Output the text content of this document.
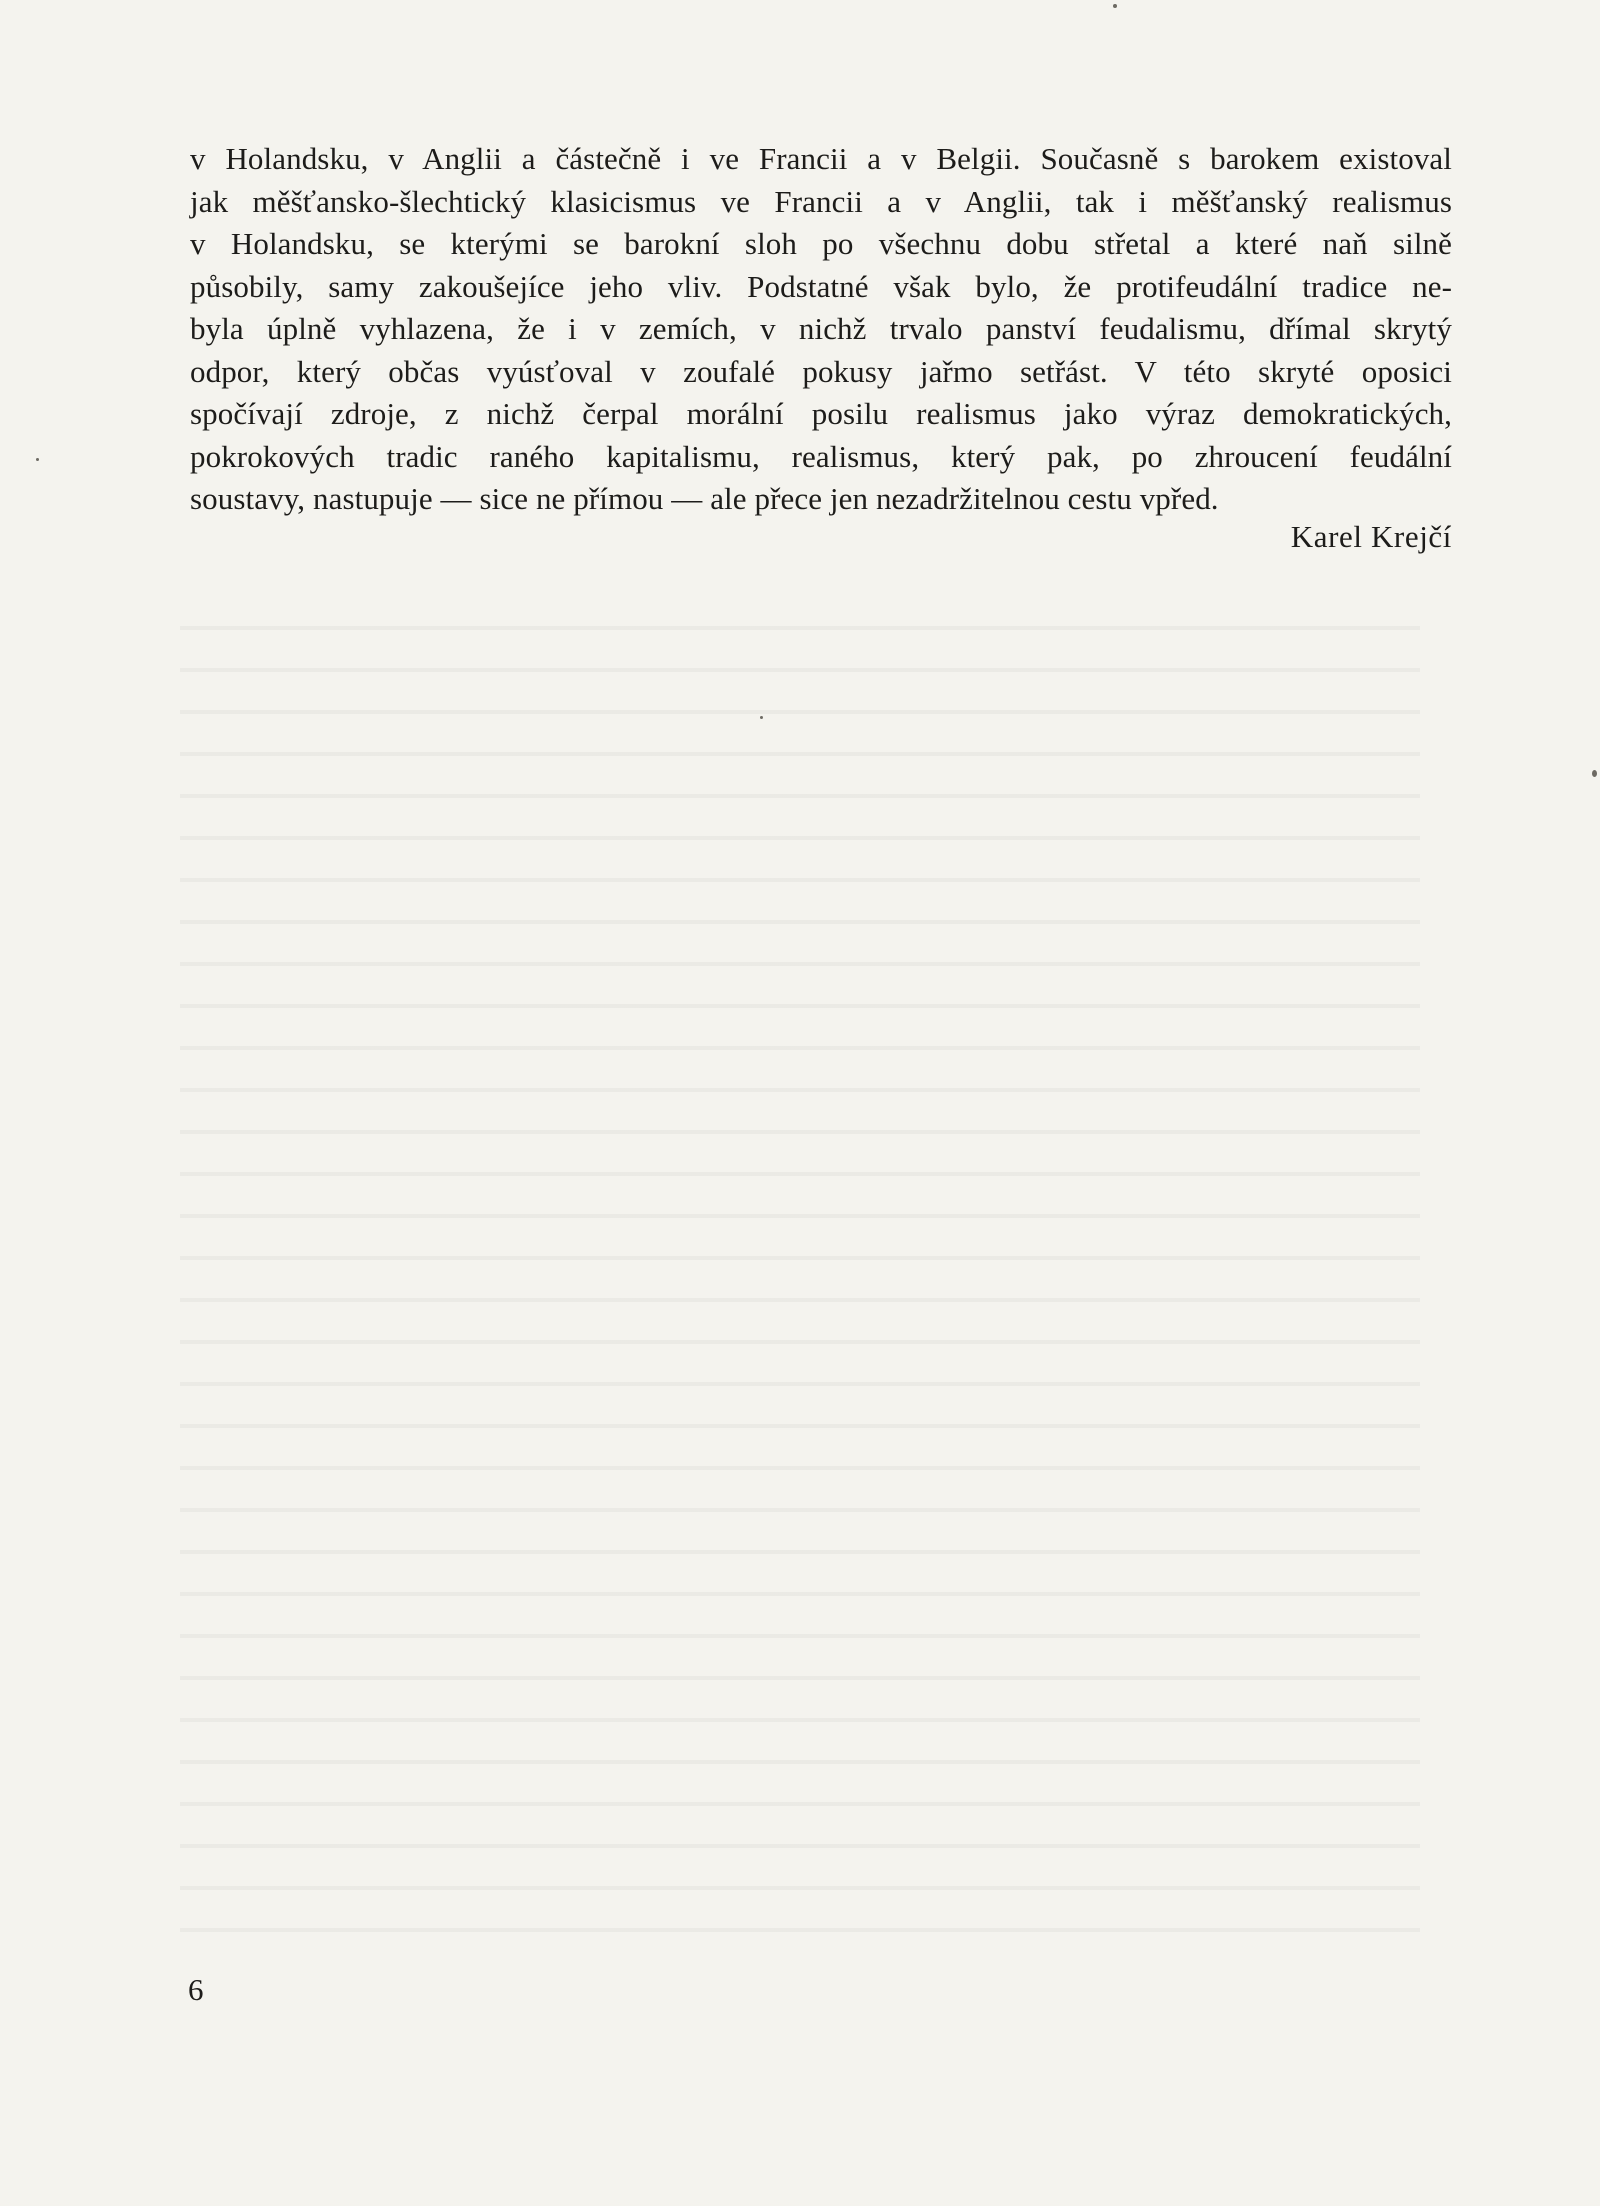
v Holandsku, v Anglii a částečně i ve Francii a v Belgii. Současně s barokem existoval
jak měšťansko-šlechtický klasicismus ve Francii a v Anglii, tak i měšťanský realismus
v Holandsku, se kterými se barokní sloh po všechnu dobu střetal a které naň silně
působily, samy zakoušejíce jeho vliv. Podstatné však bylo, že protifeudální tradice ne-
byla úplně vyhlazena, že i v zemích, v nichž trvalo panství feudalismu, dřímal skrytý
odpor, který občas vyúsťoval v zoufalé pokusy jařmo setřást. V této skryté oposici
spočívají zdroje, z nichž čerpal morální posilu realismus jako výraz demokratických,
pokrokových tradic raného kapitalismu, realismus, který pak, po zhroucení feudální
soustavy, nastupuje — sice ne přímou — ale přece jen nezadržitelnou cestu vpřed.
Karel Krejčí
6
